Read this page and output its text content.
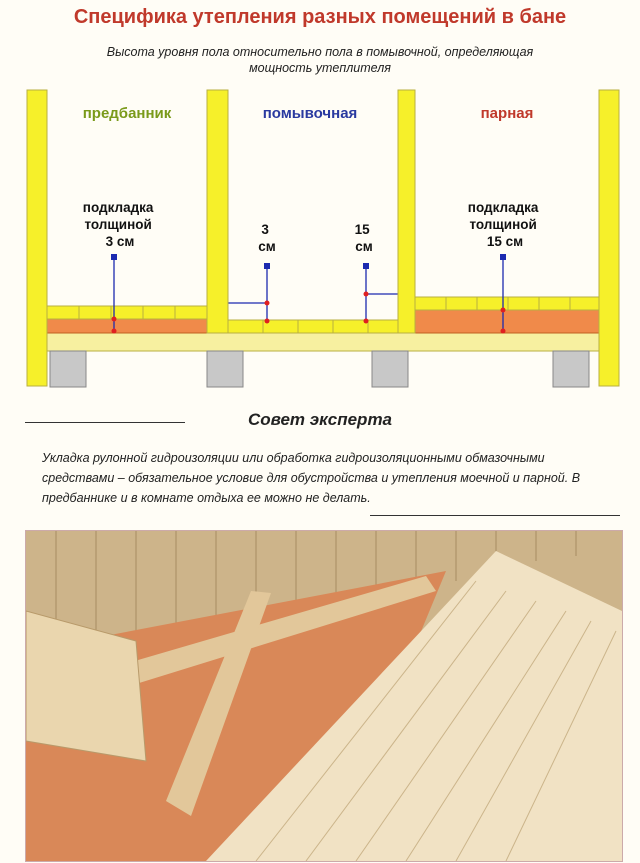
Специфика утепления разных помещений в бане
Высота уровня пола относительно пола в помывочной, определяющая
мощность утеплителя
предбанник	помывочная	парная
подкладка толщиной 3 см
3 см
15 см
подкладка толщиной 15 см
Совет эксперта
Укладка рулонной гидроизоляции или обработка гидроизоляционными обмазочными средствами – обязательное условие для обустройства и утепления моечной и парной. В предбаннике и в комнате отдыха ее можно не делать.
